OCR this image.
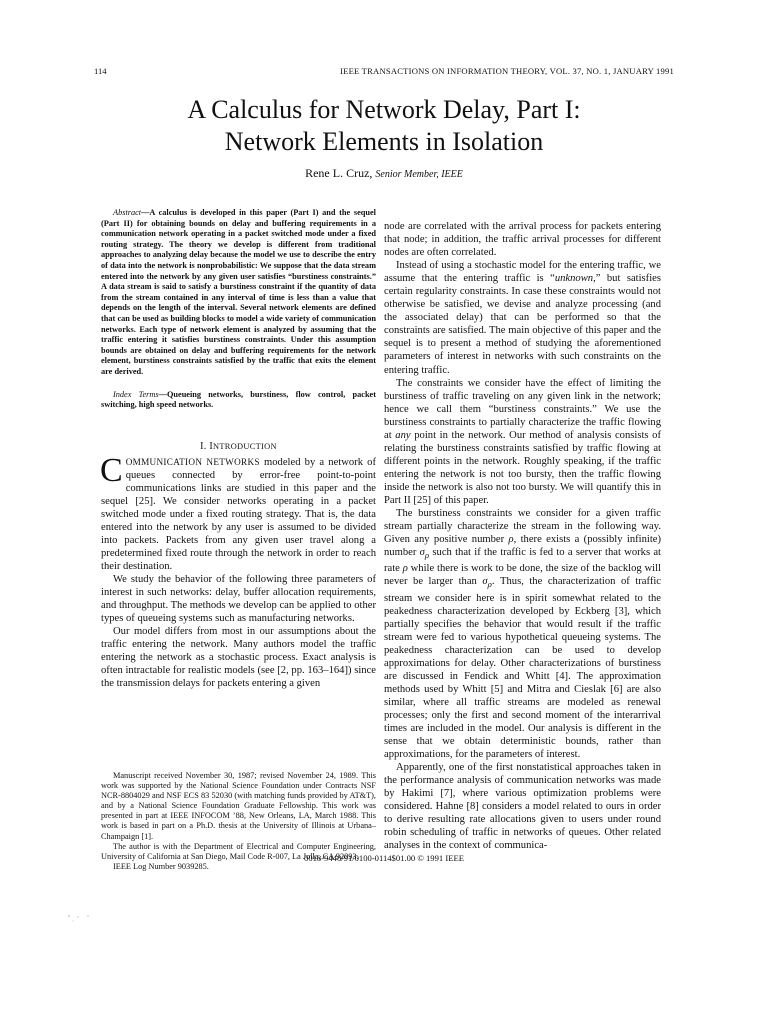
114	IEEE TRANSACTIONS ON INFORMATION THEORY, VOL. 37, NO. 1, JANUARY 1991
A Calculus for Network Delay, Part I:
Network Elements in Isolation
Rene L. Cruz, Senior Member, IEEE

Abstract—A calculus is developed in this paper (Part I) and the sequel (Part II) for obtaining bounds on delay and buffering requirements in a communication network operating in a packet switched mode under a fixed routing strategy. The theory we develop is different from traditional approaches to analyzing delay because the model we use to describe the entry of data into the network is nonprobabilistic: We suppose that the data stream entered into the network by any given user satisfies “burstiness constraints.” A data stream is said to satisfy a burstiness constraint if the quantity of data from the stream contained in any interval of time is less than a value that depends on the length of the interval. Several network elements are defined that can be used as building blocks to model a wide variety of communication networks. Each type of network element is analyzed by assuming that the traffic entering it satisfies burstiness constraints. Under this assumption bounds are obtained on delay and buffering requirements for the network element, burstiness constraints satisfied by the traffic that exits the element are derived.

Index Terms—Queueing networks, burstiness, flow control, packet switching, high speed networks.

I. INTRODUCTION

COMMUNICATION NETWORKS modeled by a network of queues connected by error-free point-to-point communications links are studied in this paper and the sequel [25]. We consider networks operating in a packet switched mode under a fixed routing strategy. That is, the data entered into the network by any user is assumed to be divided into packets. Packets from any given user travel along a predetermined fixed route through the network in order to reach their destination.

We study the behavior of the following three parameters of interest in such networks: delay, buffer allocation requirements, and throughput. The methods we develop can be applied to other types of queueing systems such as manufacturing networks.

Our model differs from most in our assumptions about the traffic entering the network. Many authors model the traffic entering the network as a stochastic process. Exact analysis is often intractable for realistic models (see [2, pp. 163–164]) since the transmission delays for packets entering a given

Manuscript received November 30, 1987; revised November 24, 1989. This work was supported by the National Science Foundation under Contracts NSF NCR-8804029 and NSF ECS 83 52030 (with matching funds provided by AT&T), and by a National Science Foundation Graduate Fellowship. This work was presented in part at IEEE INFOCOM ’88, New Orleans, LA, March 1988. This work is based in part on a Ph.D. thesis at the University of Illinois at Urbana–Champaign [1].

The author is with the Department of Electrical and Computer Engineering, University of California at San Diego, Mail Code R-007, La Jolla, CA 92093.

IEEE Log Number 9039285.

node are correlated with the arrival process for packets entering that node; in addition, the traffic arrival processes for different nodes are often correlated.

Instead of using a stochastic model for the entering traffic, we assume that the entering traffic is “unknown,” but satisfies certain regularity constraints. In case these constraints would not otherwise be satisfied, we devise and analyze processing (and the associated delay) that can be performed so that the constraints are satisfied. The main objective of this paper and the sequel is to present a method of studying the aforementioned parameters of interest in networks with such constraints on the entering traffic.

The constraints we consider have the effect of limiting the burstiness of traffic traveling on any given link in the network; hence we call them “burstiness constraints.” We use the burstiness constraints to partially characterize the traffic flowing at any point in the network. Our method of analysis consists of relating the burstiness constraints satisfied by traffic flowing at different points in the network. Roughly speaking, if the traffic entering the network is not too bursty, then the traffic flowing inside the network is also not too bursty. We will quantify this in Part II [25] of this paper.

The burstiness constraints we consider for a given traffic stream partially characterize the stream in the following way. Given any positive number ρ, there exists a (possibly infinite) number $\sigma_\rho$ such that if the traffic is fed to a server that works at rate ρ while there is work to be done, the size of the backlog will never be larger than $\sigma_\rho$. Thus, the characterization of traffic stream we consider here is in spirit somewhat related to the peakedness characterization developed by Eckberg [3], which partially specifies the behavior that would result if the traffic stream were fed to various hypothetical queueing systems. The peakedness characterization can be used to develop approximations for delay. Other characterizations of burstiness are discussed in Fendick and Whitt [4]. The approximation methods used by Whitt [5] and Mitra and Cieslak [6] are also similar, where all traffic streams are modeled as renewal processes; only the first and second moment of the interarrival times are included in the model. Our analysis is different in the sense that we obtain deterministic bounds, rather than approximations, for the parameters of interest.

Apparently, one of the first nonstatistical approaches taken in the performance analysis of communication networks was made by Hakimi [7], where various optimization problems were considered. Hahne [8] considers a model related to ours in order to derive resulting rate allocations given to users under round robin scheduling of traffic in networks of queues. Other related analyses in the context of communica-

0018-9448/91/0100-0114$01.00 © 1991 IEEE
